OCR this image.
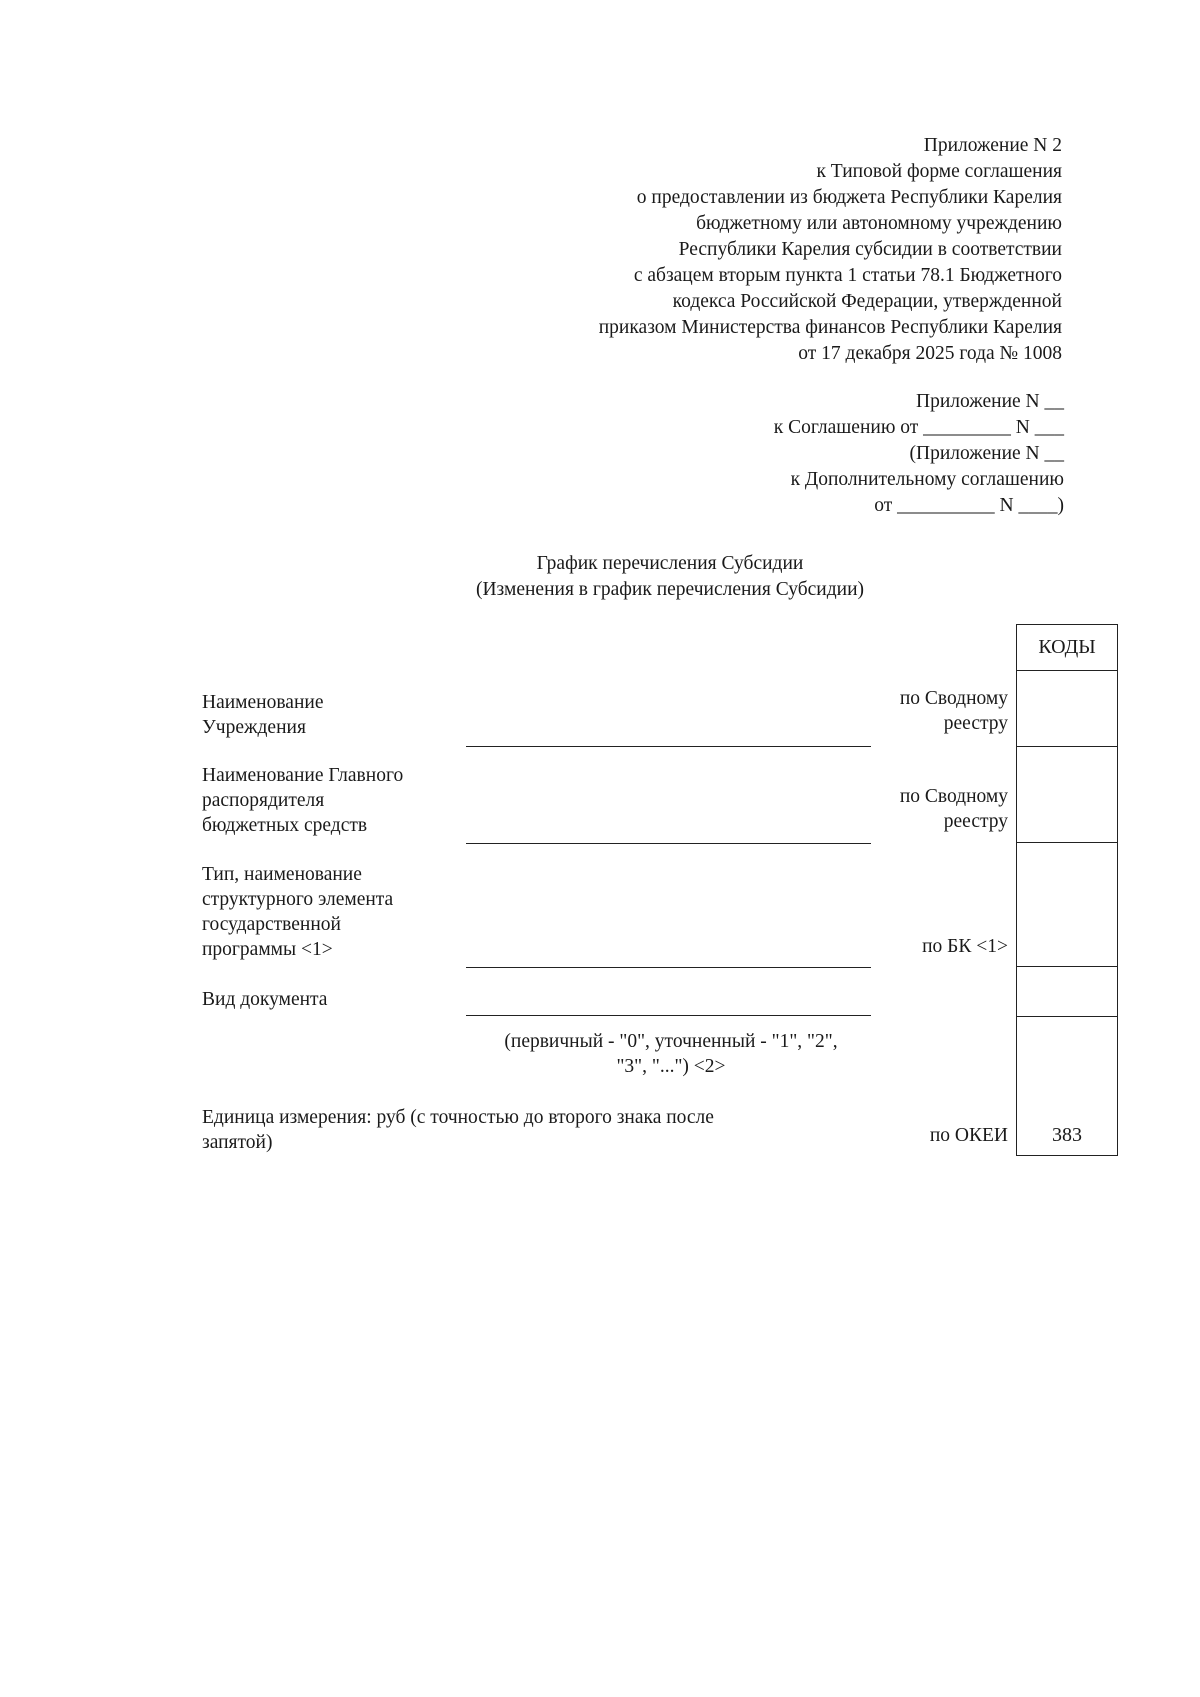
Приложение N 2
к Типовой форме соглашения
о предоставлении из бюджета Республики Карелия
бюджетному или автономному учреждению
Республики Карелия субсидии в соответствии
с абзацем вторым пункта 1 статьи 78.1 Бюджетного
кодекса Российской Федерации, утвержденной
приказом Министерства финансов Республики Карелия
от 17 декабря 2025 года № 1008
Приложение N __
к Соглашению от _________ N ___
(Приложение N __
к Дополнительному соглашению
от __________ N ____)
График перечисления Субсидии
(Изменения в график перечисления Субсидии)
Наименование
Учреждения
Наименование Главного
распорядителя
бюджетных средств
Тип, наименование
структурного элемента
государственной
программы <1>
Вид документа
(первичный - "0", уточненный - "1", "2",
"3", "...") <2>
Единица измерения: руб (с точностью до второго знака после
запятой)
по Сводному
реестру
по Сводному
реестру
по БК <1>
по ОКЕИ
КОДЫ
383
